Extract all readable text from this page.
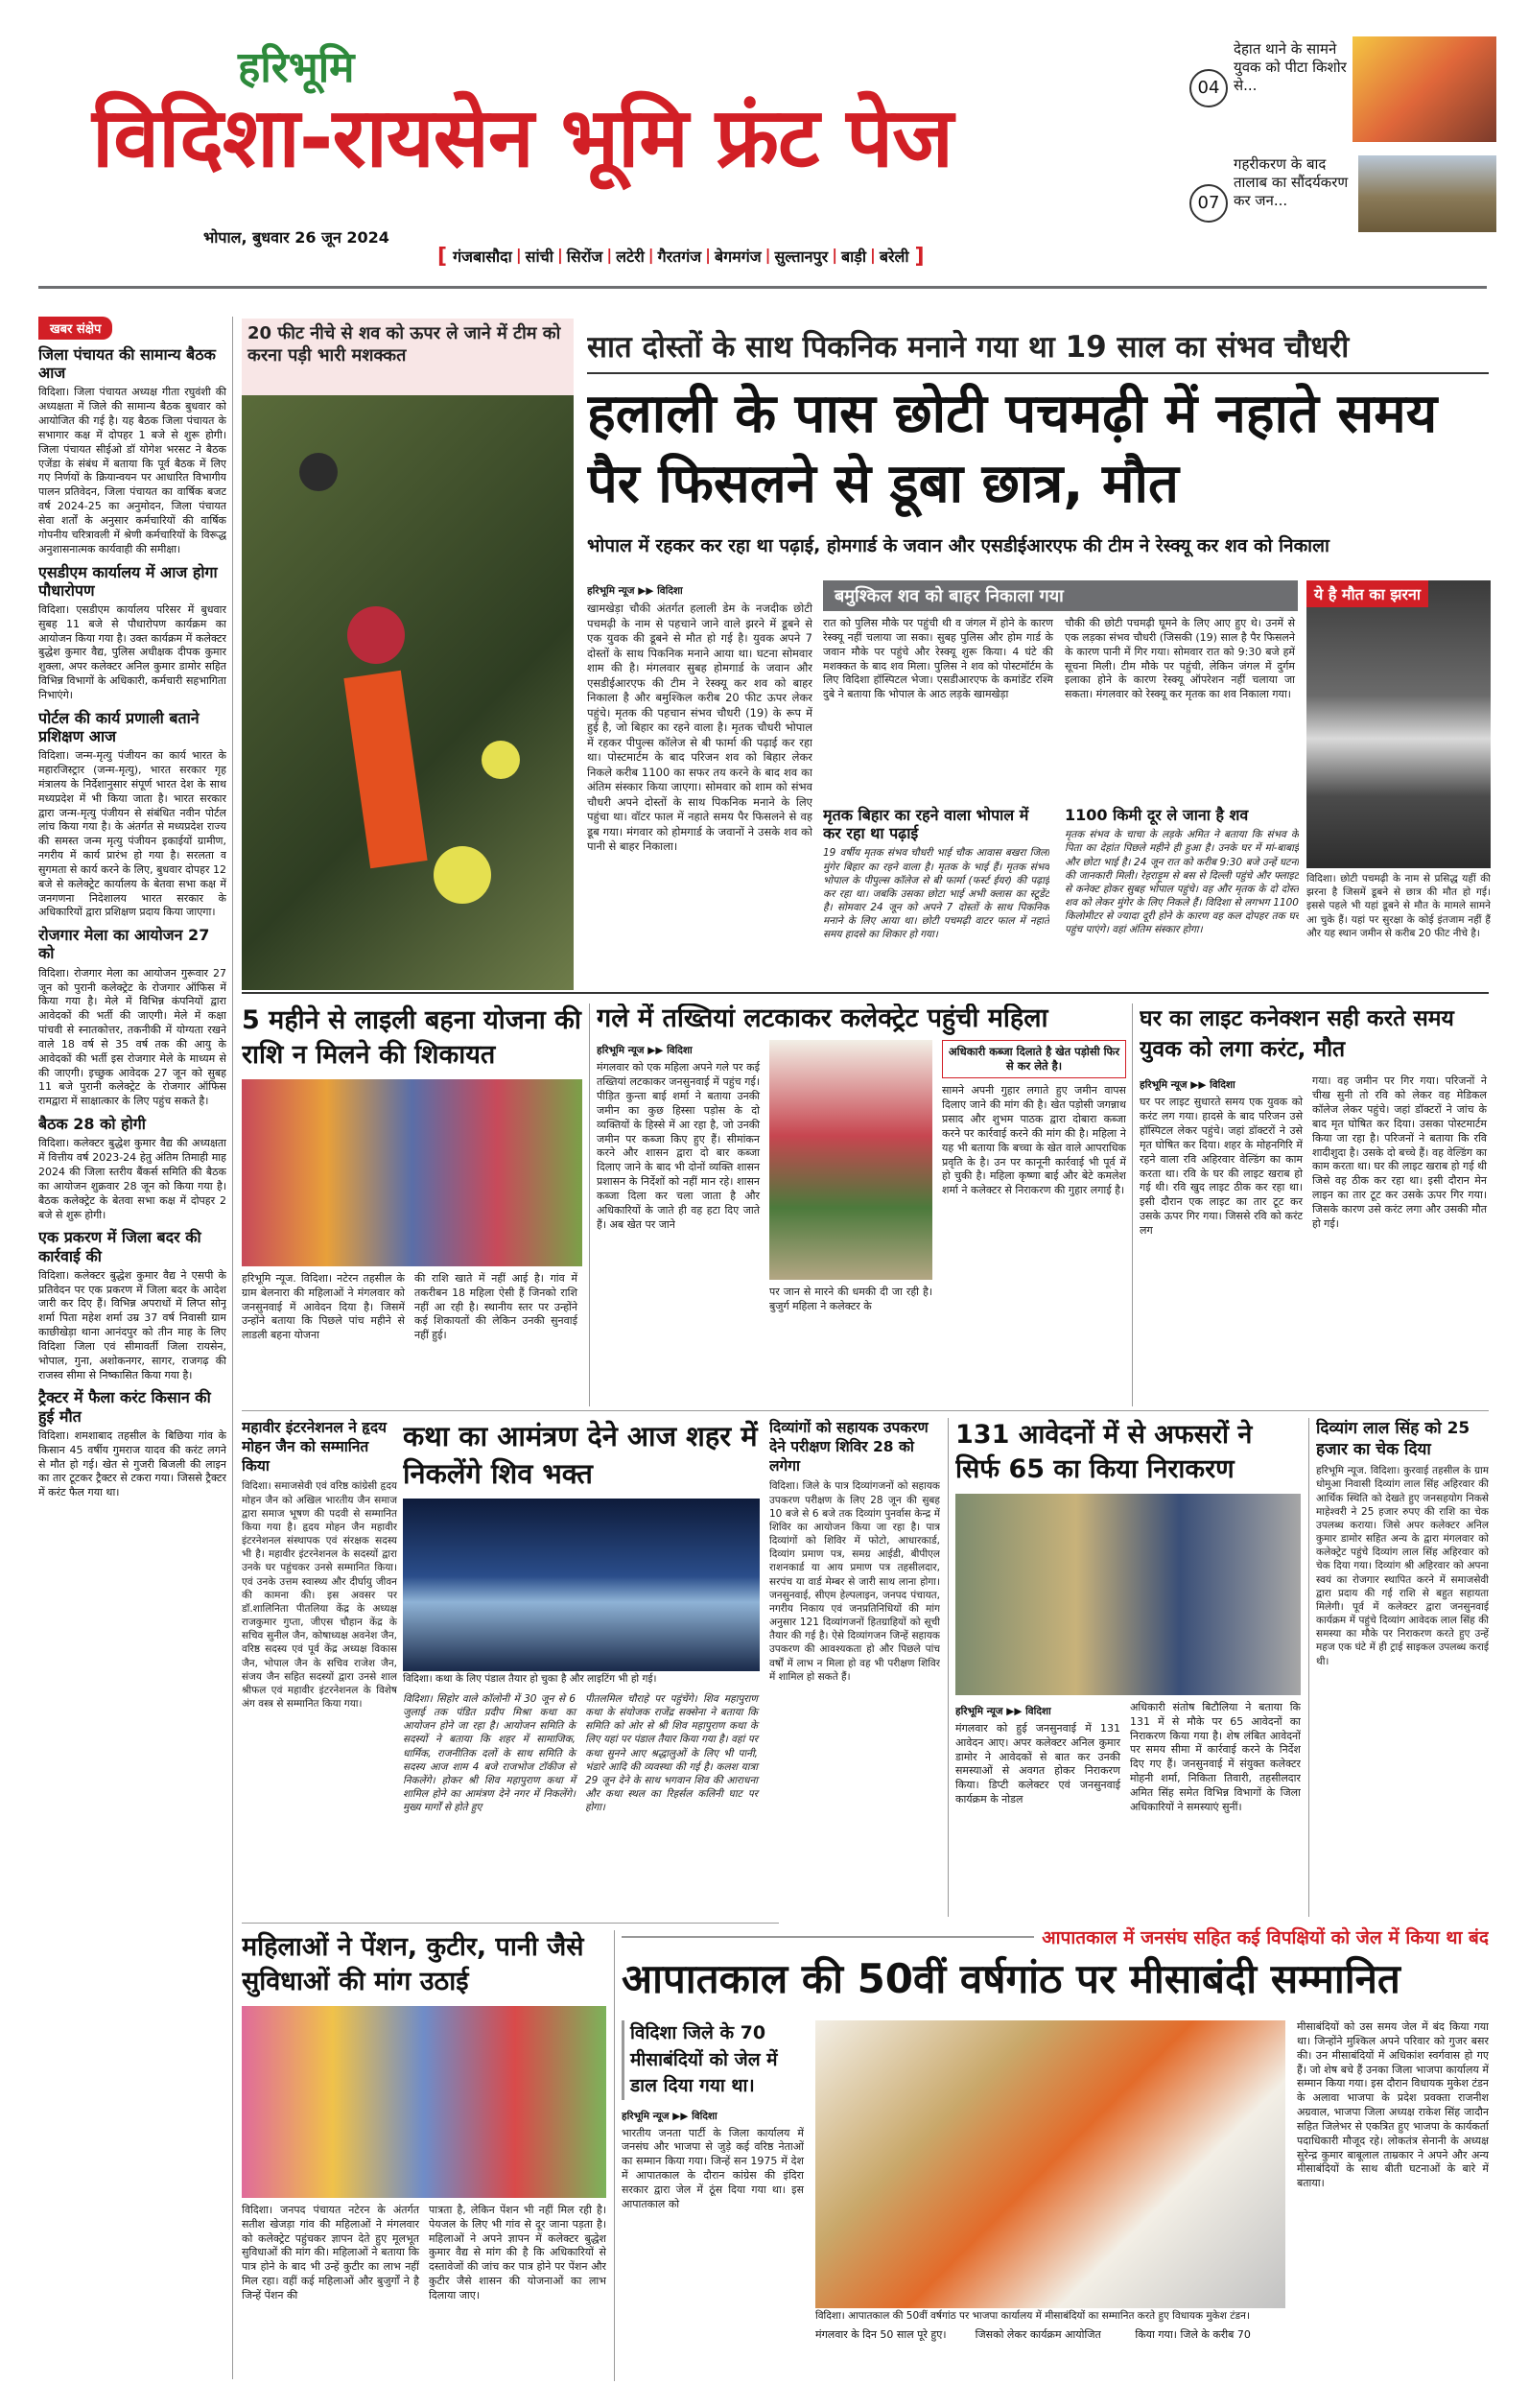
हरिभूमि
विदिशा-रायसेन भूमि फ्रंट पेज
भोपाल, बुधवार 26 जून 2024
[ गंजबासौदा | सांची | सिरोंज | लटेरी | गैरतगंज | बेगमगंज | सुल्तानपुर | बाड़ी | बरेली ]
04
देहात थाने के सामने युवक को पीटा किशोर से...
07
गहरीकरण के बाद तालाब का सौंदर्यकरण कर जन...
खबर संक्षेप
जिला पंचायत की सामान्य बैठक आज

विदिशा। जिला पंचायत अध्यक्ष गीता रघुवंशी की अध्यक्षता में जिले की सामान्य बैठक बुधवार को आयोजित की गई है। यह बैठक जिला पंचायत के सभागार कक्ष में दोपहर 1 बजे से शुरू होगी। जिला पंचायत सीईओ डॉ योगेश भरसट ने बैठक एजेंडा के संबंध में बताया कि पूर्व बैठक में लिए गए निर्णयों के क्रियान्वयन पर आधारित विभागीय पालन प्रतिवेदन, जिला पंचायत का वार्षिक बजट वर्ष 2024-25 का अनुमोदन, जिला पंचायत सेवा शर्तों के अनुसार कर्मचारियों की वार्षिक गोपनीय चरित्रावली में श्रेणी कर्मचारियों के विरूद्ध अनुशासनात्मक कार्यवाही की समीक्षा।

एसडीएम कार्यालय में आज होगा पौधारोपण

विदिशा। एसडीएम कार्यालय परिसर में बुधवार सुबह 11 बजे से पौधारोपण कार्यक्रम का आयोजन किया गया है। उक्त कार्यक्रम में कलेक्टर बुद्धेश कुमार वैद्य, पुलिस अधीक्षक दीपक कुमार शुक्ला, अपर कलेक्टर अनिल कुमार डामोर सहित विभिन्न विभागों के अधिकारी, कर्मचारी सहभागिता निभाएंगे।

पोर्टल की कार्य प्रणाली बताने प्रशिक्षण आज

विदिशा। जन्म-मृत्यु पंजीयन का कार्य भारत के महारजिस्ट्रार (जन्म-मृत्यु), भारत सरकार गृह मंत्रालय के निर्देशानुसार संपूर्ण भारत देश के साथ मध्यप्रदेश में भी किया जाता है। भारत सरकार द्वारा जन्म-मृत्यु पंजीयन से संबंधित नवीन पोर्टल लांच किया गया है। के अंतर्गत से मध्यप्रदेश राज्य की समस्त जन्म मृत्यु पंजीयन इकाईयों ग्रामीण, नगरीय में कार्य प्रारंभ हो गया है। सरलता व सुगमता से कार्य करने के लिए, बुधवार दोपहर 12 बजे से कलेक्ट्रेट कार्यालय के बेतवा सभा कक्ष में जनगणना निदेशालय भारत सरकार के अधिकारियों द्वारा प्रशिक्षण प्रदाय किया जाएगा।

रोजगार मेला का आयोजन 27 को

विदिशा। रोजगार मेला का आयोजन गुरूवार 27 जून को पुरानी कलेक्ट्रेट के रोजगार ऑफिस में किया गया है। मेले में विभिन्न कंपनियों द्वारा आवेदकों की भर्ती की जाएगी। मेले में कक्षा पांचवी से स्नातकोत्तर, तकनीकी में योग्यता रखने वाले 18 वर्ष से 35 वर्ष तक की आयु के आवेदकों की भर्ती इस रोजगार मेले के माध्यम से की जाएगी। इच्छुक आवेदक 27 जून को सुबह 11 बजे पुरानी कलेक्ट्रेट के रोजगार ऑफिस रामद्वारा में साक्षात्कार के लिए पहुंच सकते है।

बैठक 28 को होगी

विदिशा। कलेक्टर बुद्धेश कुमार वैद्य की अध्यक्षता में वित्तीय वर्ष 2023-24 हेतु अंतिम तिमाही माह 2024 की जिला स्तरीय बैंकर्स समिति की बैठक का आयोजन शुक्रवार 28 जून को किया गया है। बैठक कलेक्ट्रेट के बेतवा सभा कक्ष में दोपहर 2 बजे से शुरू होगी।

एक प्रकरण में जिला बदर की कार्रवाई की

विदिशा। कलेक्टर बुद्धेश कुमार वैद्य ने एसपी के प्रतिवेदन पर एक प्रकरण में जिला बदर के आदेश जारी कर दिए हैं। विभिन्न अपराधों में लिप्त सोनू शर्मा पिता महेश शर्मा उम्र 37 वर्ष निवासी ग्राम काछीखेड़ा थाना आनंदपुर को तीन माह के लिए विदिशा जिला एवं सीमावर्ती जिला रायसेन, भोपाल, गुना, अशोकनगर, सागर, राजगढ़ की राजस्व सीमा से निष्कासित किया गया है।

ट्रैक्टर में फैला करंट किसान की हुई मौत

विदिशा। शमशाबाद तहसील के बिछिया गांव के किसान 45 वर्षीय गुमराज यादव की करंट लगने से मौत हो गई। खेत से गुजरी बिजली की लाइन का तार टूटकर ट्रैक्टर से टकरा गया। जिससे ट्रैक्टर में करंट फैल गया था।

20 फीट नीचे से शव को ऊपर ले जाने में टीम को करना पड़ी भारी मशक्कत	सात दोस्तों के साथ पिकनिक मनाने गया था 19 साल का संभव चौधरी
हलाली के पास छोटी पचमढ़ी में नहाते समय पैर फिसलने से डूबा छात्र, मौत
भोपाल में रहकर कर रहा था पढ़ाई, होमगार्ड के जवान और एसडीईआरएफ की टीम ने रेस्क्यू कर शव को निकाला
हरिभूमि न्यूज ▶▶ विदिशा

खामखेड़ा चौकी अंतर्गत हलाली डेम के नजदीक छोटी पचमढ़ी के नाम से पहचाने जाने वाले झरने में डूबने से एक युवक की डूबने से मौत हो गई है। युवक अपने 7 दोस्तों के साथ पिकनिक मनाने आया था। घटना सोमवार शाम की है। मंगलवार सुबह होमगार्ड के जवान और एसडीईआरएफ की टीम ने रेस्क्यू कर शव को बाहर निकाला है और बमुश्किल करीब 20 फीट ऊपर लेकर पहुंचे। मृतक की पहचान संभव चौधरी (19) के रूप में हुई है, जो बिहार का रहने वाला है। मृतक चौधरी भोपाल में रहकर पीपुल्स कॉलेज से बी फार्मा की पढ़ाई कर रहा था। पोस्टमार्टम के बाद परिजन शव को बिहार लेकर निकले करीब 1100 का सफर तय करने के बाद शव का अंतिम संस्कार किया जाएगा। सोमवार को शाम को संभव चौधरी अपने दोस्तों के साथ पिकनिक मनाने के लिए पहुंचा था। वॉटर फाल में नहाते समय पैर फिसलने से वह डूब गया। मंगवार को होमगार्ड के जवानों ने उसके शव को पानी से बाहर निकाला।

बमुश्किल शव को बाहर निकाला गया

रात को पुलिस मौके पर पहुंची थी व जंगल में होने के कारण रेस्क्यू नहीं चलाया जा सका। सुबह पुलिस और होम गार्ड के जवान मौके पर पहुंचे और रेस्क्यू शुरू किया। 4 घंटे की मशक्कत के बाद शव मिला। पुलिस ने शव को पोस्टमॉर्टम के लिए विदिशा हॉस्पिटल भेजा। एसडीआरएफ के कमांडेंट रश्मि दुबे ने बताया कि भोपाल के आठ लड़के खामखेड़ा

चौकी की छोटी पचमढ़ी घूमने के लिए आए हुए थे। उनमें से एक लड़का संभव चौधरी (जिसकी (19) साल है पैर फिसलने के कारण पानी में गिर गया। सोमवार रात को 9:30 बजे हमें सूचना मिली। टीम मौके पर पहुंची, लेकिन जंगल में दुर्गम इलाका होने के कारण रेस्क्यू ऑपरेशन नहीं चलाया जा सकता। मंगलवार को रेस्क्यू कर मृतक का शव निकाला गया।

मृतक बिहार का रहने वाला भोपाल में कर रहा था पढ़ाई

19 वर्षीय मृतक संभव चौधरी भाई चौक आवास बखरा जिला मुंगेर बिहार का रहने वाला है। मृतक के भाई हैं। मृतक संभव भोपाल के पीपुल्स कॉलेज से बी फार्मा (फर्स्ट ईयर) की पढ़ाई कर रहा था। जबकि उसका छोटा भाई अभी क्लास का स्टूडेंट है। सोमवार 24 जून को अपने 7 दोस्तों के साथ पिकनिक मनाने के लिए आया था। छोटी पचमढ़ी वाटर फाल में नहाते समय हादसे का शिकार हो गया।

1100 किमी दूर ले जाना है शव

मृतक संभव के चाचा के लड़के अमित ने बताया कि संभव के पिता का देहांत पिछले महीने ही हुआ है। उनके घर में मां-बाबाई और छोटा भाई है। 24 जून रात को करीब 9:30 बजे उन्हें घटना की जानकारी मिली। रेहराड़ूम से बस से दिल्ली पहुंचे और फ्लाइट से कनेक्ट होकर सुबह भोपाल पहुंचे। वह और मृतक के दो दोस्त शव को लेकर मुंगेर के लिए निकले हैं। विदिशा से लगभग 1100 किलोमीटर से ज्यादा दूरी होने के कारण वह कल दोपहर तक घर पहुंच पाएंगे। वहां अंतिम संस्कार होगा।

ये है मौत का झरना

विदिशा। छोटी पचमढ़ी के नाम से प्रसिद्ध यहीं की झरना है जिसमें डूबने से छात्र की मौत हो गई। इससे पहले भी यहां डूबने से मौत के मामले सामने आ चुके हैं। यहां पर सुरक्षा के कोई इंतजाम नहीं हैं और यह स्थान जमीन से करीब 20 फीट नीचे है।

5 महीने से लाइली बहना योजना की राशि न मिलने की शिकायत

हरिभूमि न्यूज. विदिशा। नटेरन तहसील के ग्राम बेलनारा की महिलाओं ने मंगलवार को जनसुनवाई में आवेदन दिया है। जिसमें उन्होंने बताया कि पिछले पांच महीने से लाडली बहना योजना

की राशि खाते में नहीं आई है। गांव में तकरीबन 18 महिला ऐसी हैं जिनको राशि नहीं आ रही है। स्थानीय स्तर पर उन्होंने कई शिकायतों की लेकिन उनकी सुनवाई नहीं हुई।

गले में तख्तियां लटकाकर कलेक्ट्रेट पहुंची महिला
हरिभूमि न्यूज ▶▶ विदिशा

मंगलवार को एक महिला अपने गले पर कई तख्तियां लटकाकर जनसुनवाई में पहुंच गई। पीड़ित कुन्ता बाई शर्मा ने बताया उनकी जमीन का कुछ हिस्सा पड़ोस के दो व्यक्तियों के हिस्से में आ रहा है, जो उनकी जमीन पर कब्जा किए हुए हैं। सीमांकन करने और शासन द्वारा दो बार कब्जा दिलाए जाने के बाद भी दोनों व्यक्ति शासन प्रशासन के निर्देशों को नहीं मान रहे। शासन कब्जा दिला कर चला जाता है और अधिकारियों के जाते ही वह हटा दिए जाते हैं। अब खेत पर जाने

पर जान से मारने की धमकी दी जा रही है। बुजुर्ग महिला ने कलेक्टर के

अधिकारी कब्जा दिलाते है खेत पड़ोसी फिर से कर लेते है।

सामने अपनी गुहार लगाते हुए जमीन वापस दिलाए जाने की मांग की है। खेत पड़ोसी जगन्नाथ प्रसाद और शुभम पाठक द्वारा दोबारा कब्जा करने पर कार्रवाई करने की मांग की है। महिला ने यह भी बताया कि बच्चा के खेत वाले आपराधिक प्रवृति के है। उन पर कानूनी कार्रवाई भी पूर्व में हो चुकी है। महिला कृष्णा बाई और बेटे कमलेश शर्मा ने कलेक्टर से निराकरण की गुहार लगाई है।

घर का लाइट कनेक्शन सही करते समय युवक को लगा करंट, मौत
हरिभूमि न्यूज ▶▶ विदिशा

घर पर लाइट सुधारते समय एक युवक को करंट लग गया। हादसे के बाद परिजन उसे हॉस्पिटल लेकर पहुंचे। जहां डॉक्टरों ने उसे मृत घोषित कर दिया। शहर के मोहनगिरि में रहने वाला रवि अहिरवार वेल्डिंग का काम करता था। रवि के घर की लाइट खराब हो गई थी। रवि खुद लाइट ठीक कर रहा था। इसी दौरान एक लाइट का तार टूट कर उसके ऊपर गिर गया। जिससे रवि को करंट लग

गया। वह जमीन पर गिर गया। परिजनों ने चीख सुनी तो रवि को लेकर वह मेडिकल कॉलेज लेकर पहुंचे। जहां डॉक्टरों ने जांच के बाद मृत घोषित कर दिया। उसका पोस्टमार्टम किया जा रहा है। परिजनों ने बताया कि रवि शादीशुदा है। उसके दो बच्चे हैं। वह वेल्डिंग का काम करता था। घर की लाइट खराब हो गई थी जिसे वह ठीक कर रहा था। इसी दौरान मेन लाइन का तार टूट कर उसके ऊपर गिर गया। जिसके कारण उसे करंट लगा और उसकी मौत हो गई।

महावीर इंटरनेशनल ने हृदय मोहन जैन को सम्मानित किया

विदिशा। समाजसेवी एवं वरिष्ठ कांग्रेसी हृदय मोहन जैन को अखिल भारतीय जैन समाज द्वारा समाज भूषण की पदवी से सम्मानित किया गया है। हृदय मोहन जैन महावीर इंटरनेशनल संस्थापक एवं संरक्षक सदस्य भी है। महावीर इंटरनेशनल के सदस्यों द्वारा उनके घर पहुंचकर उनसे सम्मानित किया। एवं उनके उत्तम स्वास्थ्य और दीर्घायु जीवन की कामना की। इस अवसर पर डॉ.शालिनिता पीतलिया केंद्र के अध्यक्ष राजकुमार गुप्ता, जीएस चौहान केंद्र के सचिव सुनील जैन, कोषाध्यक्ष अवनेश जैन, वरिष्ठ सदस्य एवं पूर्व केंद्र अध्यक्ष विकास जैन, भोपाल जैन के सचिव राजेश जैन, संजय जैन सहित सदस्यों द्वारा उनसे शाल श्रीफल एवं महावीर इंटरनेशनल के विशेष अंग वस्त्र से सम्मानित किया गया।

कथा का आमंत्रण देने आज शहर में निकलेंगे शिव भक्त

विदिशा। कथा के लिए पंडाल तैयार हो चुका है और लाइटिंग भी हो गई।

विदिशा। सिहोर वाले कॉलोनी में 30 जून से 6 जुलाई तक पंडित प्रदीप मिश्रा कथा का आयोजन होने जा रहा है। आयोजन समिति के सदस्यों ने बताया कि शहर में सामाजिक, धार्मिक, राजनीतिक दलों के साथ समिति के सदस्य आज शाम 4 बजे राजभोज टॉकीज से निकलेंगे। होकर श्री शिव महापुराण कथा में शामिल होने का आमंत्रण देने नगर में निकलेंगे। मुख्य मार्गों से होते हुए

पीतलमिल चौराहे पर पहुंचेंगे। शिव महापुराण कथा के संयोजक राजेंद्र सक्सेना ने बताया कि समिति को ओर से श्री शिव महापुराण कथा के लिए यहां पर पंडाल तैयार किया गया है। वहां पर कथा सुनने आए श्रद्धालुओं के लिए भी पानी, भंडारे आदि की व्यवस्था की गई है। कलश यात्रा 29 जून देने के साथ भगवान शिव की आराधना और कथा स्थल का रिहर्सल कलिनी घाट पर होगा।

दिव्यांगों को सहायक उपकरण देने परीक्षण शिविर 28 को लगेगा

विदिशा। जिले के पात्र दिव्यांगजनों को सहायक उपकरण परीक्षण के लिए 28 जून की सुबह 10 बजे से 6 बजे तक दिव्यांग पुनर्वास केन्द्र में शिविर का आयोजन किया जा रहा है। पात्र दिव्यांगों को शिविर में फोटो, आधारकार्ड, दिव्यांग प्रमाण पत्र, समग्र आईडी, बीपीएल राशनकार्ड या आय प्रमाण पत्र तहसीलदार, सरपंच या वार्ड मेम्बर से जारी साथ लाना होगा। जनसुनवाई, सीएम हेल्पलाइन, जनपद पंचायत, नगरीय निकाय एवं जनप्रतिनिधियों की मांग अनुसार 121 दिव्यांगजनों हितग्राहियों को सूची तैयार की गई है। ऐसे दिव्यांगजन जिन्हें सहायक उपकरण की आवश्यकता हो और पिछले पांच वर्षों में लाभ न मिला हो वह भी परीक्षण शिविर में शामिल हो सकते हैं।

131 आवेदनों में से अफसरों ने सिर्फ 65 का किया निराकरण
हरिभूमि न्यूज ▶▶ विदिशा

मंगलवार को हुई जनसुनवाई में 131 आवेदन आए। अपर कलेक्टर अनिल कुमार डामोर ने आवेदकों से बात कर उनकी समस्याओं से अवगत होकर निराकरण किया। डिप्टी कलेक्टर एवं जनसुनवाई कार्यक्रम के नोडल

अधिकारी संतोष बिटौलिया ने बताया कि 131 में से मौके पर 65 आवेदनों का निराकरण किया गया है। शेष लंबित आवेदनों पर समय सीमा में कार्रवाई करने के निर्देश दिए गए हैं। जनसुनवाई में संयुक्त कलेक्टर मोहनी शर्मा, निकिता तिवारी, तहसीलदार अमित सिंह समेत विभिन्न विभागों के जिला अधिकारियों ने समस्याएं सुनीं।

दिव्यांग लाल सिंह को 25 हजार का चेक दिया

हरिभूमि न्यूज. विदिशा। कुरवाई तहसील के ग्राम धोमुआ निवासी दिव्यांग लाल सिंह अहिरवार की आर्थिक स्थिति को देखते हुए जनसहयोग निकसे माहेश्वरी ने 25 हजार रुपए की राशि का चेक उपलब्ध कराया। जिसे अपर कलेक्टर अनिल कुमार डामोर सहित अन्य के द्वारा मंगलवार को कलेक्ट्रेट पहुंचे दिव्यांग लाल सिंह अहिरवार को चेक दिया गया। दिव्यांग श्री अहिरवार को अपना स्वयं का रोजगार स्थापित करने में समाजसेवी द्वारा प्रदाय की गई राशि से बहुत सहायता मिलेगी। पूर्व में कलेक्टर द्वारा जनसुनवाई कार्यक्रम में पहुंचे दिव्यांग आवेदक लाल सिंह की समस्या का मौके पर निराकरण करते हुए उन्हें महज एक घंटे में ही ट्राई साइकल उपलब्ध कराई थी।

महिलाओं ने पेंशन, कुटीर, पानी जैसे सुविधाओं की मांग उठाई

विदिशा। जनपद पंचायत नटेरन के अंतर्गत सतीश खेजड़ा गांव की महिलाओं ने मंगलवार को कलेक्ट्रेट पहुंचकर ज्ञापन देते हुए मूलभूत सुविधाओं की मांग की। महिलाओं ने बताया कि पात्र होने के बाद भी उन्हें कुटीर का लाभ नहीं मिल रहा। वहीं कई महिलाओं और बुजुर्गों ने है जिन्हें पेंशन की

पात्रता है, लेकिन पेंशन भी नहीं मिल रही है। पेयजल के लिए भी गांव से दूर जाना पड़ता है। महिलाओं ने अपने ज्ञापन में कलेक्टर बुद्धेश कुमार वैद्य से मांग की है कि अधिकारियों से दस्तावेजों की जांच कर पात्र होने पर पेंशन और कुटीर जैसे शासन की योजनाओं का लाभ दिलाया जाए।

आपातकाल में जनसंघ सहित कई विपक्षियों को जेल में किया था बंद
आपातकाल की 50वीं वर्षगांठ पर मीसाबंदी सम्मानित
विदिशा जिले के 70 मीसाबंदियों को जेल में डाल दिया गया था।
हरिभूमि न्यूज ▶▶ विदिशा

भारतीय जनता पार्टी के जिला कार्यालय में जनसंघ और भाजपा से जुड़े कई वरिष्ठ नेताओं का सम्मान किया गया। जिन्हें सन 1975 में देश में आपातकाल के दौरान कांग्रेस की इंदिरा सरकार द्वारा जेल में ठूंस दिया गया था। इस आपातकाल को

विदिशा। आपातकाल की 50वीं वर्षगांठ पर भाजपा कार्यालय में मीसाबंदियों का सम्मानित करते हुए विधायक मुकेश टंडन।

मंगलवार के दिन 50 साल पूरे हुए।	जिसको लेकर कार्यक्रम आयोजित	किया गया। जिले के करीब 70

मीसाबंदियों को उस समय जेल में बंद किया गया था। जिन्होंने मुश्किल अपने परिवार को गुजर बसर की। उन मीसाबंदियों में अधिकांश स्वर्गवास हो गए हैं। जो शेष बचे हैं उनका जिला भाजपा कार्यालय में सम्मान किया गया। इस दौरान विधायक मुकेश टंडन के अलावा भाजपा के प्रदेश प्रवक्ता राजनीश अग्रवाल, भाजपा जिला अध्यक्ष राकेश सिंह जादौन सहित जिलेभर से एकत्रित हुए भाजपा के कार्यकर्ता पदाधिकारी मौजूद रहे। लोकतंत्र सेनानी के अध्यक्ष सुरेन्द्र कुमार बाबूलाल ताम्रकार ने अपने और अन्य मीसाबंदियों के साथ बीती घटनाओं के बारे में बताया।
